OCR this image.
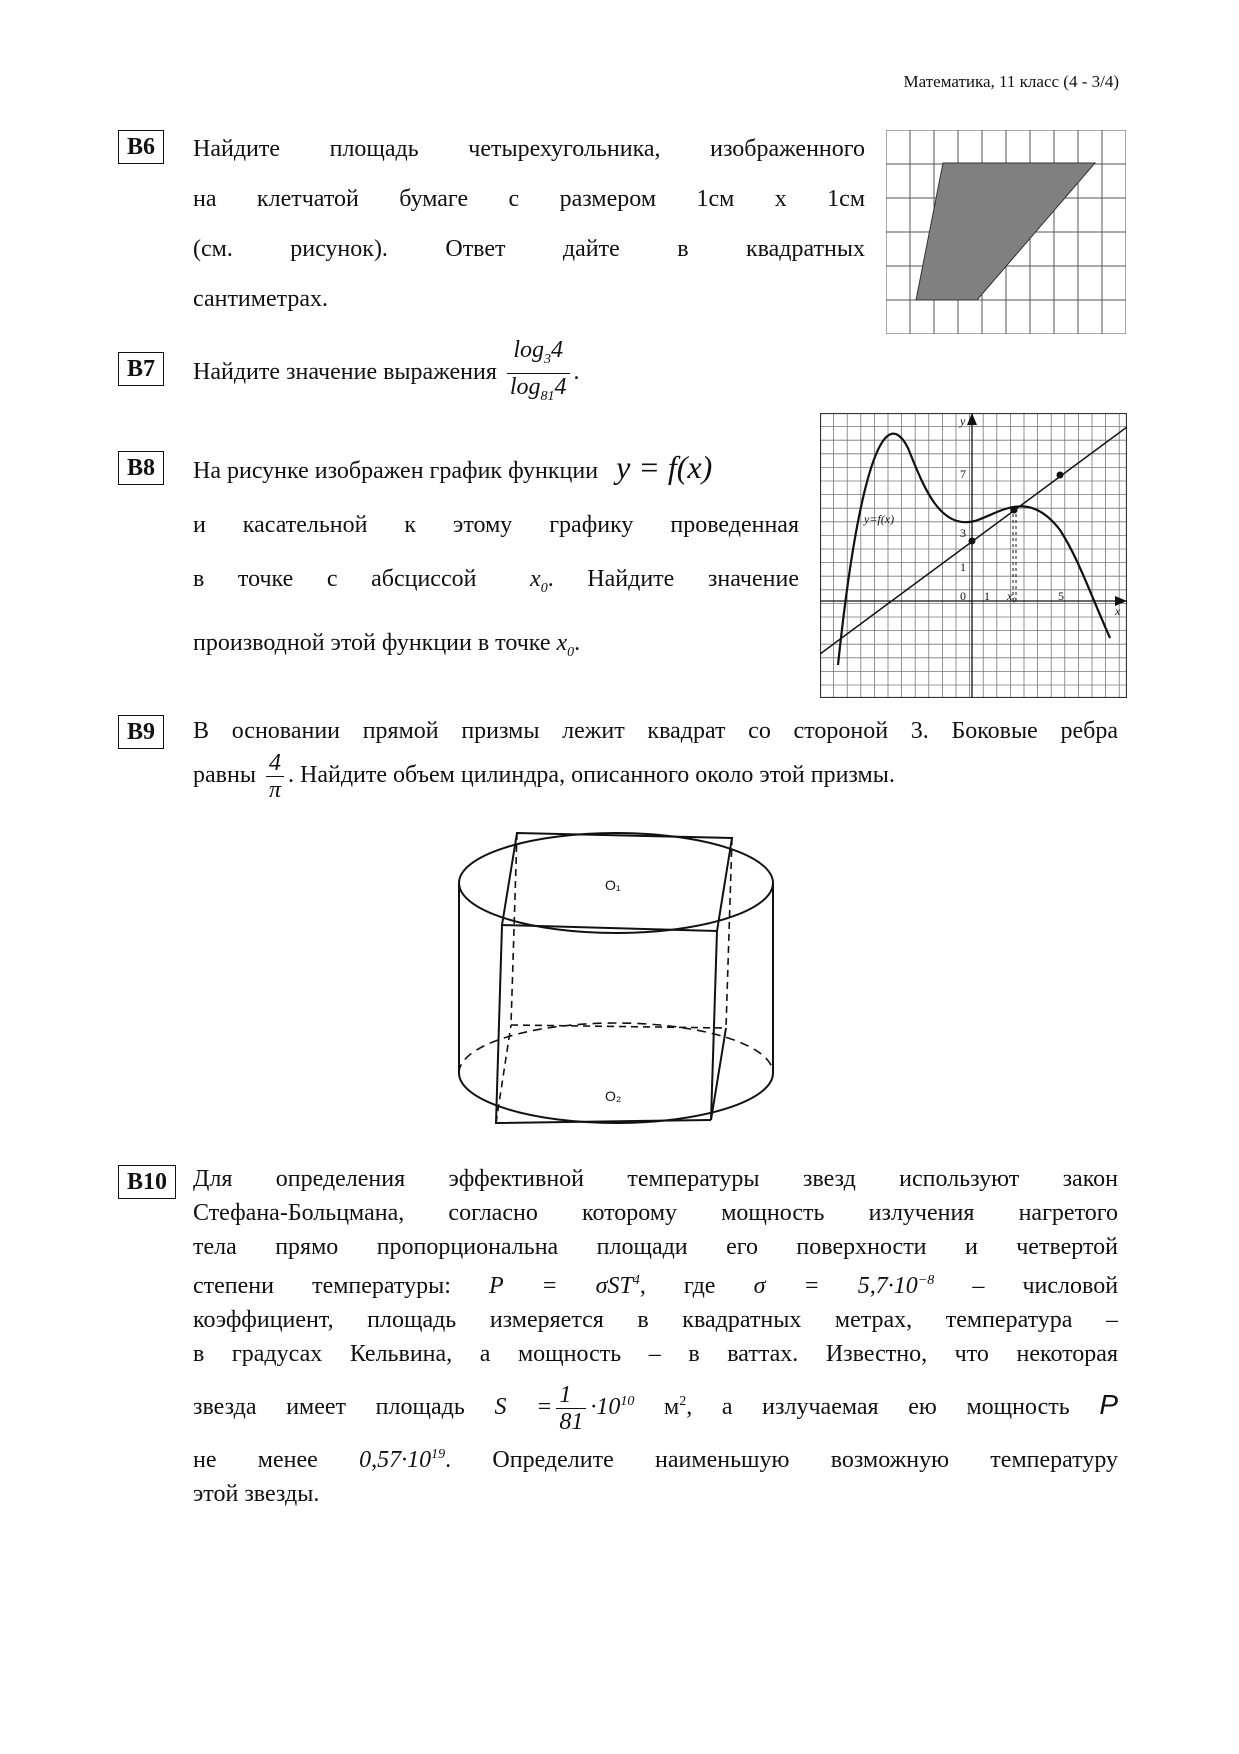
Математика, 11 класс (4 - 3/4)
B6	Найдите площадь четырехугольника, изображенного
на клетчатой бумаге с размером 1см х 1см
(см. рисунок). Ответ дайте в квадратных
сантиметрах.
B7	Найдите значение выражения $\frac{\log_34}{\log_{81}4}$ .
B8	На рисунке изображен график функции y = f(x)
и касательной к этому графику проведенная
в точке с абсциссой $x_0$. Найдите значение
производной этой функции в точке $x_0$.
y
x
7
3
1
0 1 x₀	5
y=f(x)
B9	В основании прямой призмы лежит квадрат со стороной 3. Боковые ребра
равны $\frac{4}{\pi}$ . Найдите объем цилиндра, описанного около этой призмы.
O₁
O₂
B10	Для определения эффективной температуры звезд используют закон
Стефана-Больцмана, согласно которому мощность излучения нагретого
тела прямо пропорциональна площади его поверхности и четвертой
степени температуры: P = σST$^4$, где $\sigma = 5,7\cdot 10^{-8}$ – числовой
коэффициент, площадь измеряется в квадратных метрах, температура –
в градусах Кельвина, а мощность – в ваттах. Известно, что некоторая
звезда имеет площадь $S = \frac{1}{81} \cdot 10^{10}$ $м^2$, а излучаемая ею мощность P
не менее $0,57\cdot 10^{19}$. Определите наименьшую возможную температуру
этой звезды.
